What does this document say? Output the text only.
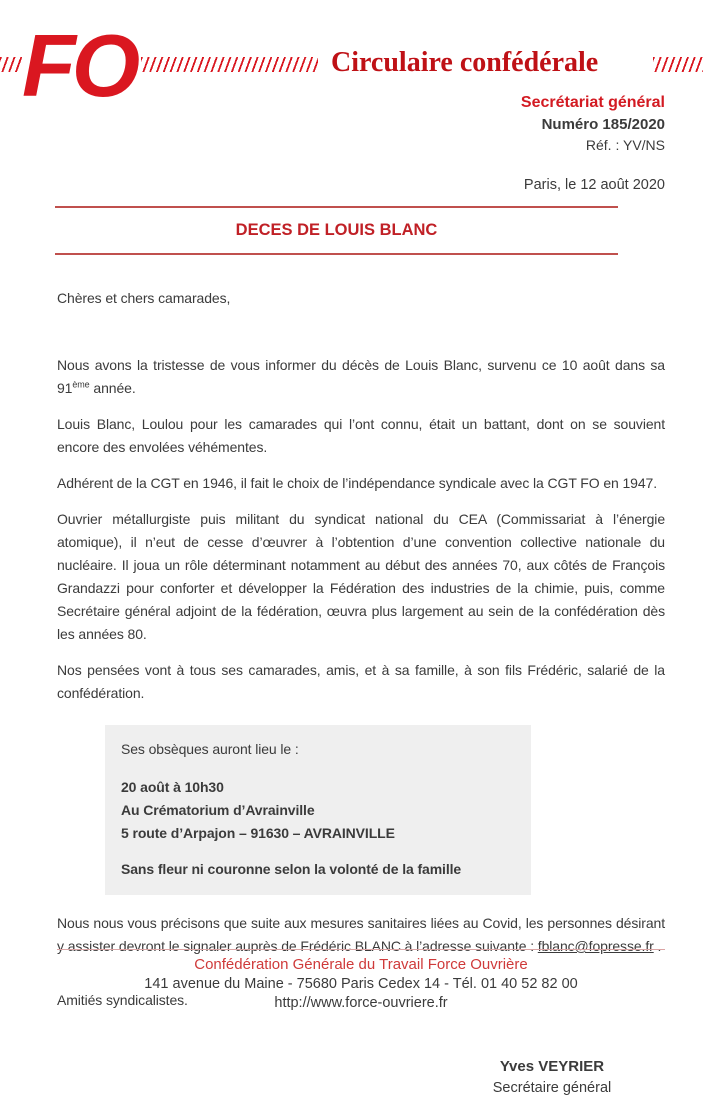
FO	Circulaire confédérale
Secrétariat général
Numéro 185/2020
Réf. : YV/NS
Paris, le 12 août 2020
DECES DE LOUIS BLANC

Chères et chers camarades,

Nous avons la tristesse de vous informer du décès de Louis Blanc, survenu ce 10 août dans sa 91ème année.

Louis Blanc, Loulou pour les camarades qui l’ont connu, était un battant, dont on se souvient encore des envolées véhémentes.

Adhérent de la CGT en 1946, il fait le choix de l’indépendance syndicale avec la CGT FO en 1947.

Ouvrier métallurgiste puis militant du syndicat national du CEA (Commissariat à l’énergie atomique), il n’eut de cesse d’œuvrer à l’obtention d’une convention collective nationale du nucléaire. Il joua un rôle déterminant notamment au début des années 70, aux côtés de François Grandazzi pour conforter et développer la Fédération des industries de la chimie, puis, comme Secrétaire général adjoint de la fédération, œuvra plus largement au sein de la confédération dès les années 80.

Nos pensées vont à tous ses camarades, amis, et à sa famille, à son fils Frédéric, salarié de la confédération.

Ses obsèques auront lieu le :
20 août à 10h30
Au Crématorium d’Avrainville
5 route d’Arpajon – 91630 – AVRAINVILLE
Sans fleur ni couronne selon la volonté de la famille

Nous nous vous précisons que suite aux mesures sanitaires liées au Covid, les personnes désirant y assister devront le signaler auprès de Frédéric BLANC à l’adresse suivante : fblanc@fopresse.fr .

Amitiés syndicalistes.

Yves VEYRIER
Secrétaire général
Confédération Générale du Travail Force Ouvrière
141 avenue du Maine - 75680 Paris Cedex 14 - Tél. 01 40 52 82 00
http://www.force-ouvriere.fr
